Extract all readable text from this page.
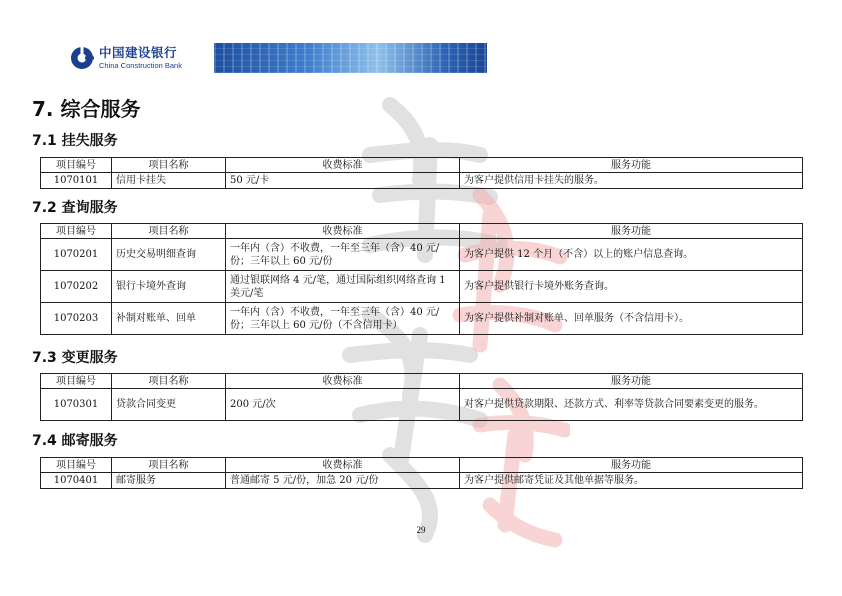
中国建设银行
China Construction Bank
7. 综合服务
7.1 挂失服务
项目编号	项目名称	收费标准	服务功能
1070101	信用卡挂失	50 元/卡	为客户提供信用卡挂失的服务。
7.2 查询服务
项目编号	项目名称	收费标准	服务功能
1070201	历史交易明细查询	一年内（含）不收费，一年至三年（含）40 元/份；三年以上 60 元/份	为客户提供 12 个月（不含）以上的账户信息查询。
1070202	银行卡境外查询	通过银联网络 4 元/笔，通过国际组织网络查询 1 美元/笔	为客户提供银行卡境外账务查询。
1070203	补制对账单、回单	一年内（含）不收费，一年至三年（含）40 元/份；三年以上 60 元/份（不含信用卡）	为客户提供补制对账单、回单服务（不含信用卡）。
7.3 变更服务
项目编号	项目名称	收费标准	服务功能
1070301	贷款合同变更	200 元/次	对客户提供贷款期限、还款方式、利率等贷款合同要素变更的服务。
7.4 邮寄服务
项目编号	项目名称	收费标准	服务功能
1070401	邮寄服务	普通邮寄 5 元/份，加急 20 元/份	为客户提供邮寄凭证及其他单据等服务。
29
